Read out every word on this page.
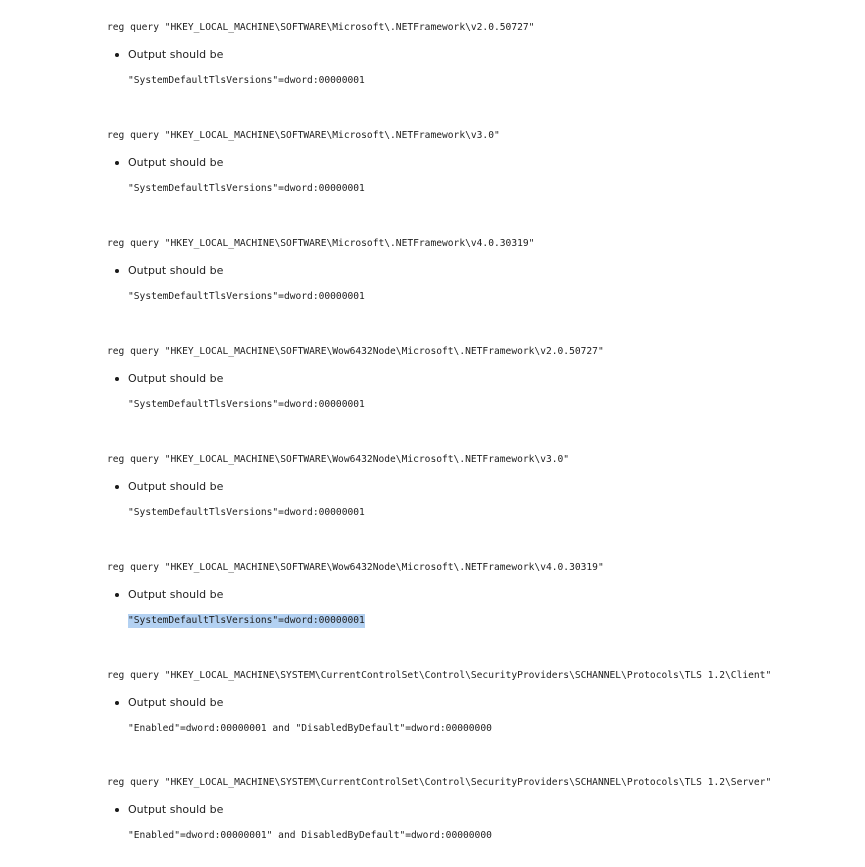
reg query "HKEY_LOCAL_MACHINE\SOFTWARE\Microsoft\.NETFramework\v2.0.50727"
Output should be
"SystemDefaultTlsVersions"=dword:00000001
reg query "HKEY_LOCAL_MACHINE\SOFTWARE\Microsoft\.NETFramework\v3.0"
Output should be
"SystemDefaultTlsVersions"=dword:00000001
reg query "HKEY_LOCAL_MACHINE\SOFTWARE\Microsoft\.NETFramework\v4.0.30319"
Output should be
"SystemDefaultTlsVersions"=dword:00000001
reg query "HKEY_LOCAL_MACHINE\SOFTWARE\Wow6432Node\Microsoft\.NETFramework\v2.0.50727"
Output should be
"SystemDefaultTlsVersions"=dword:00000001
reg query "HKEY_LOCAL_MACHINE\SOFTWARE\Wow6432Node\Microsoft\.NETFramework\v3.0"
Output should be
"SystemDefaultTlsVersions"=dword:00000001
reg query "HKEY_LOCAL_MACHINE\SOFTWARE\Wow6432Node\Microsoft\.NETFramework\v4.0.30319"
Output should be
"SystemDefaultTlsVersions"=dword:00000001
reg query "HKEY_LOCAL_MACHINE\SYSTEM\CurrentControlSet\Control\SecurityProviders\SCHANNEL\Protocols\TLS 1.2\Client"
Output should be
"Enabled"=dword:00000001 and "DisabledByDefault"=dword:00000000
reg query "HKEY_LOCAL_MACHINE\SYSTEM\CurrentControlSet\Control\SecurityProviders\SCHANNEL\Protocols\TLS 1.2\Server"
Output should be
"Enabled"=dword:00000001" and DisabledByDefault"=dword:00000000
